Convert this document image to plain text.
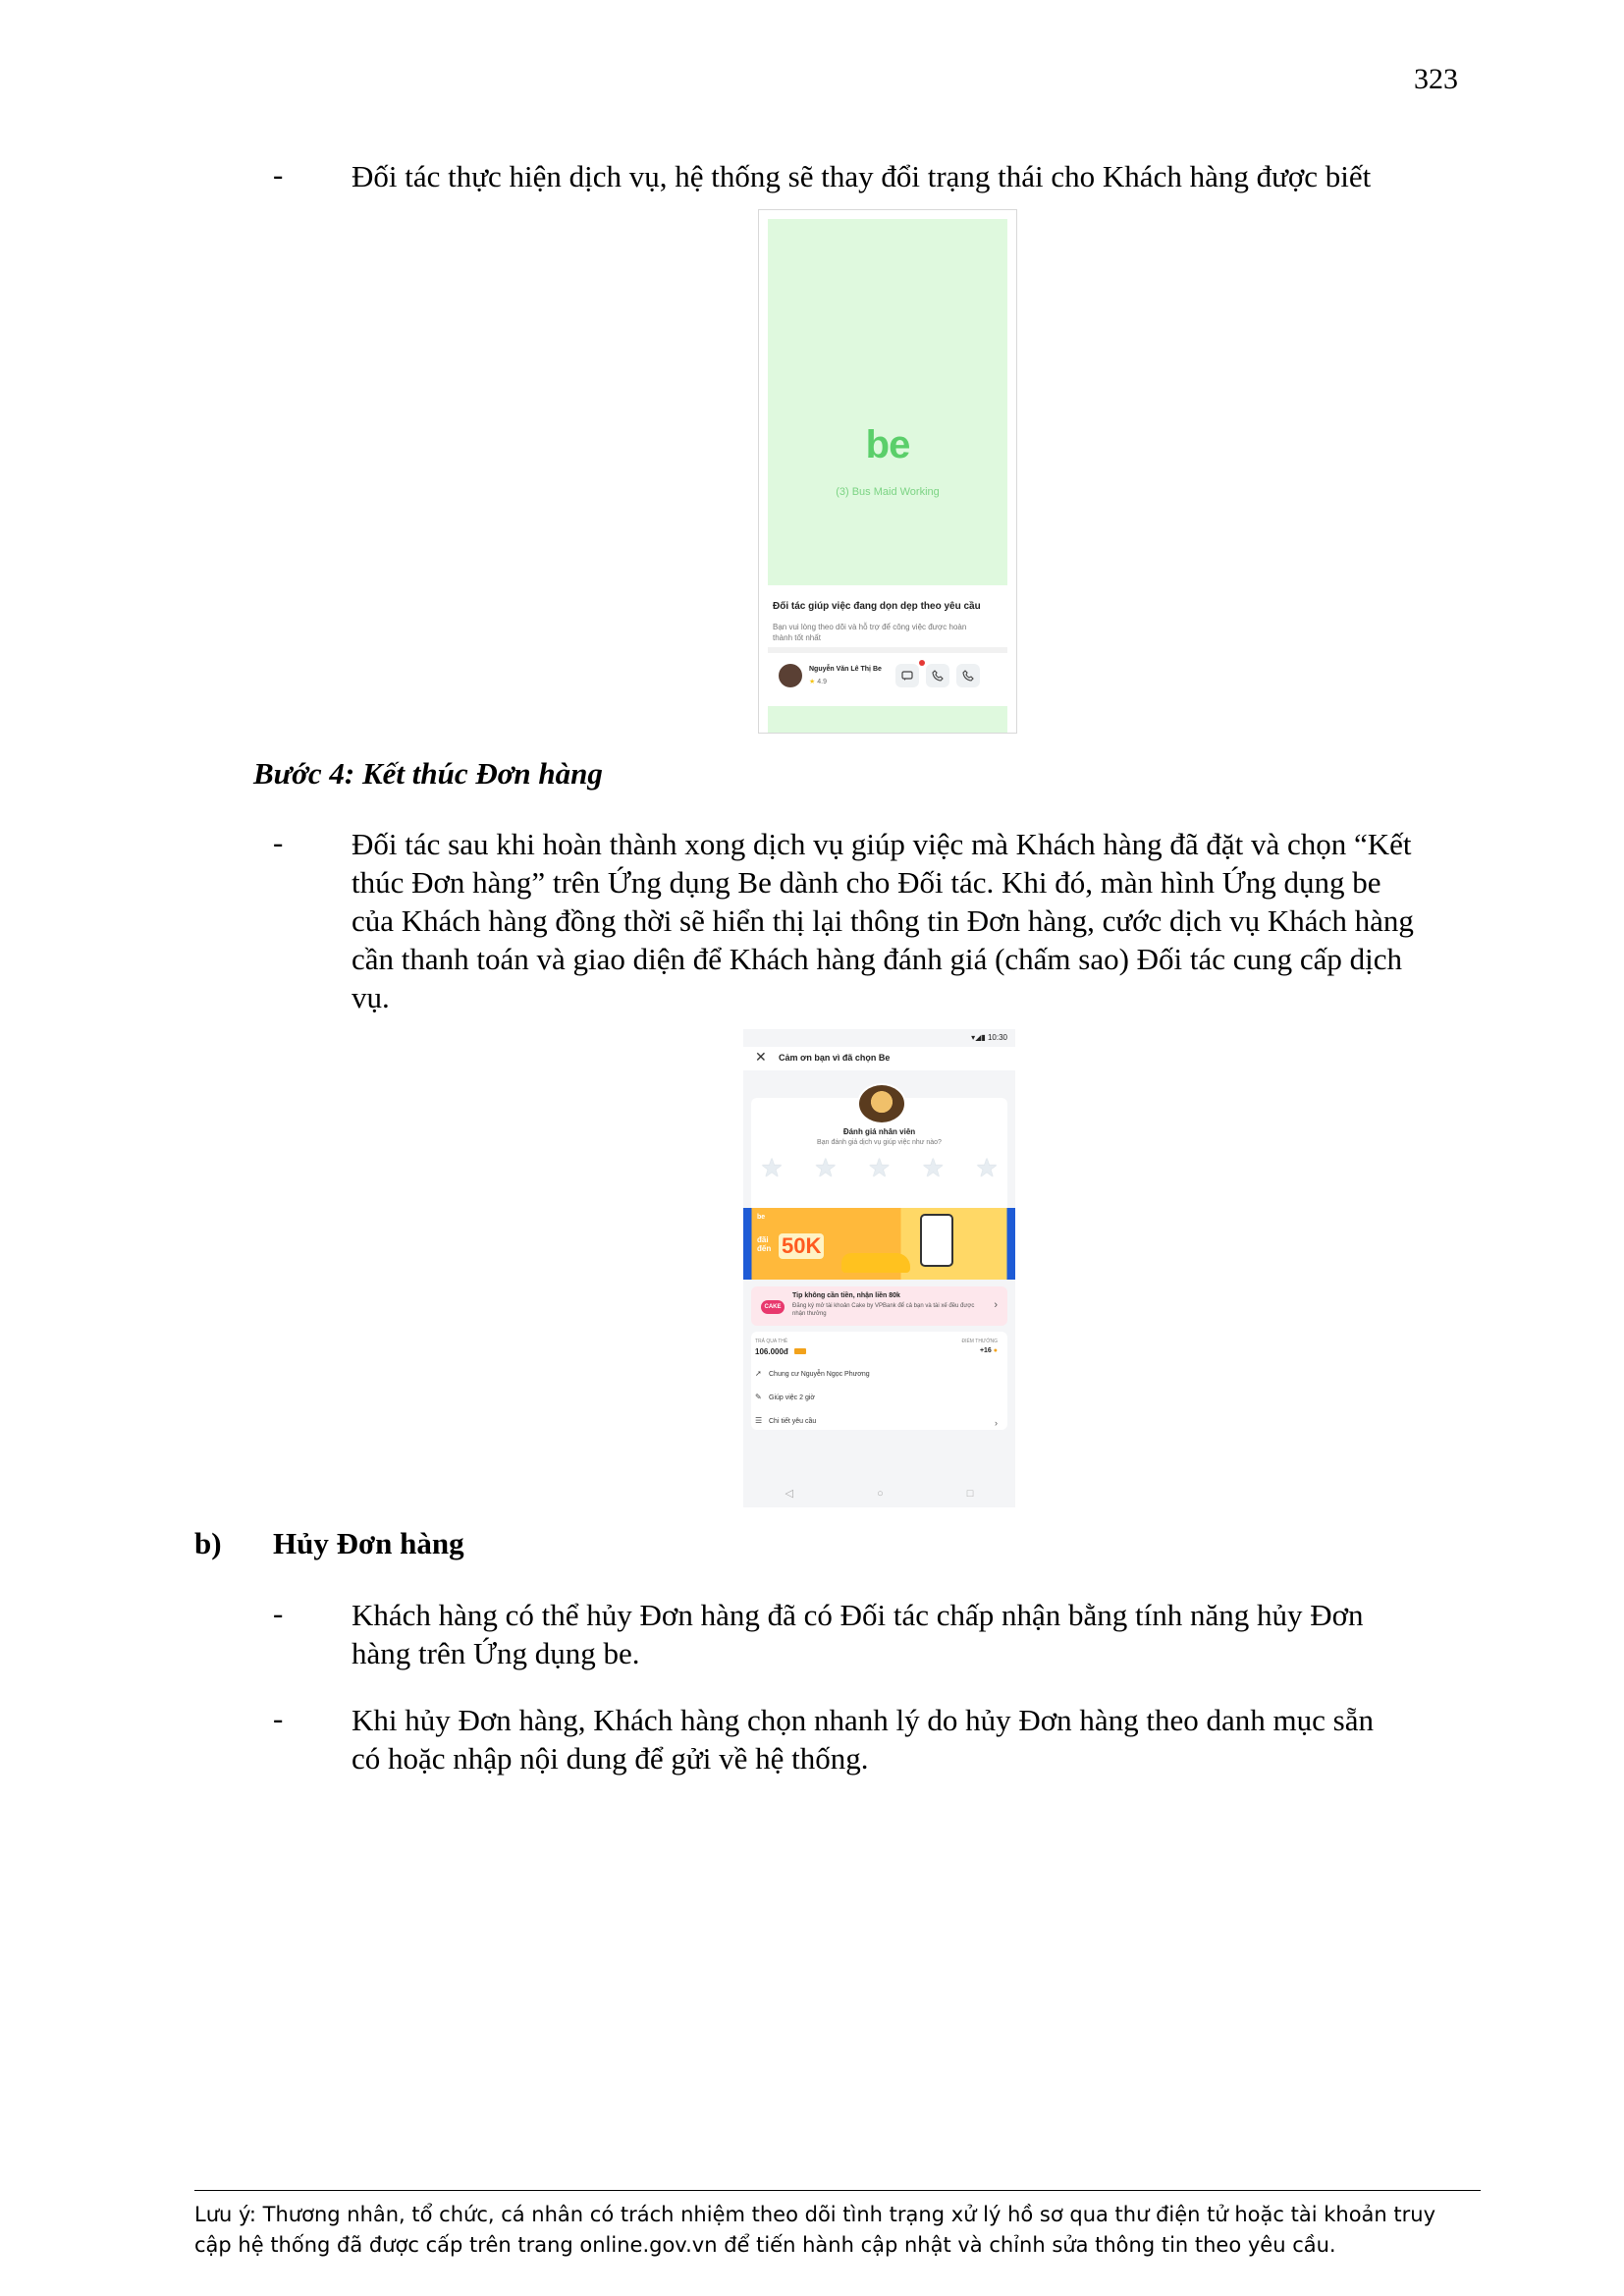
323
- Đối tác thực hiện dịch vụ, hệ thống sẽ thay đổi trạng thái cho Khách hàng được biết
be
(3) Bus Maid Working
Đối tác giúp việc đang dọn dẹp theo yêu cầu
Bạn vui lòng theo dõi và hỗ trợ để công việc được hoàn thành tốt nhất
Nguyễn Văn Lê Thị Be
★ 4.9
Bước 4: Kết thúc Đơn hàng
- Đối tác sau khi hoàn thành xong dịch vụ giúp việc mà Khách hàng đã đặt và chọn “Kết
thúc Đơn hàng” trên Ứng dụng Be dành cho Đối tác. Khi đó, màn hình Ứng dụng be
của Khách hàng đồng thời sẽ hiển thị lại thông tin Đơn hàng, cước dịch vụ Khách hàng
cần thanh toán và giao diện để Khách hàng đánh giá (chấm sao) Đối tác cung cấp dịch
vụ.
▾◢▮ 10:30
✕ Cảm ơn bạn vì đã chọn Be
Đánh giá nhân viên
Bạn đánh giá dịch vụ giúp việc như nào?
★ ★ ★ ★ ★
be
đãi đến 50K
CAKE
Tip không cần tiền, nhận liền 80k
Đăng ký mở tài khoản Cake by VPBank để cả bạn và tài xế đều được nhận thưởng
›
TRẢ QUA THẺ
106.000đ
ĐIỂM THƯỞNG
+16 ●
➚ Chung cư Nguyễn Ngọc Phương
✎ Giúp việc 2 giờ
☰ Chi tiết yêu cầu	›
◁	○	□
b) Hủy Đơn hàng
- Khách hàng có thể hủy Đơn hàng đã có Đối tác chấp nhận bằng tính năng hủy Đơn
hàng trên Ứng dụng be.
- Khi hủy Đơn hàng, Khách hàng chọn nhanh lý do hủy Đơn hàng theo danh mục sẵn
có hoặc nhập nội dung để gửi về hệ thống.
Lưu ý: Thương nhân, tổ chức, cá nhân có trách nhiệm theo dõi tình trạng xử lý hồ sơ qua thư điện tử hoặc tài khoản truy
cập hệ thống đã được cấp trên trang online.gov.vn để tiến hành cập nhật và chỉnh sửa thông tin theo yêu cầu.
